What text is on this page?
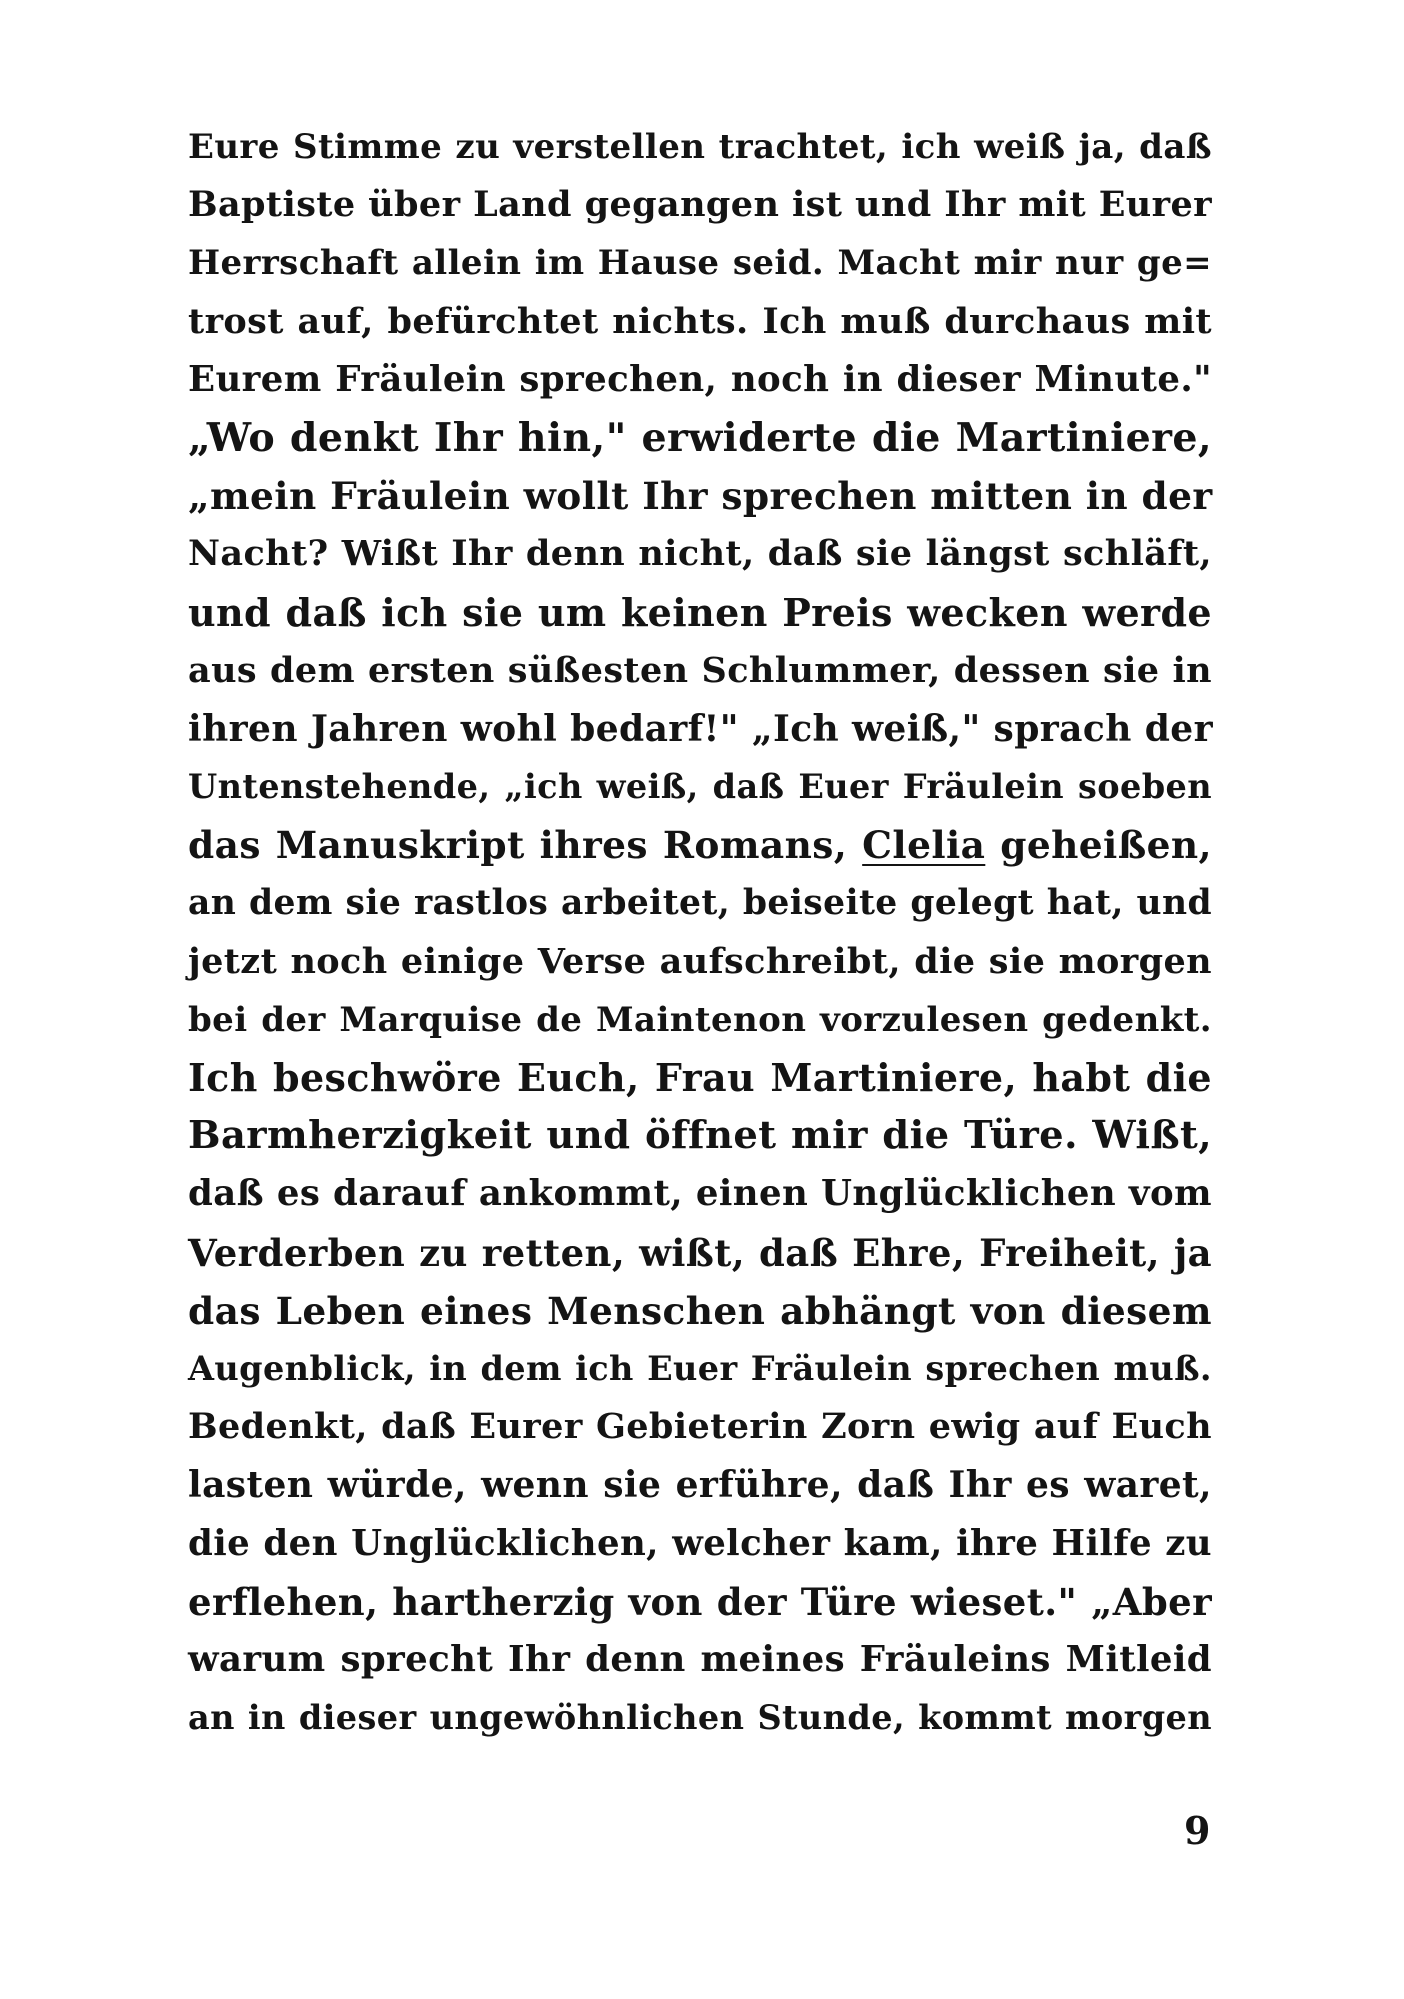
Eure Stimme zu verstellen trachtet, ich weiß ja, daß
Baptiste über Land gegangen ist und Ihr mit Eurer
Herrschaft allein im Hause seid. Macht mir nur ge=
trost auf, befürchtet nichts. Ich muß durchaus mit
Eurem Fräulein sprechen, noch in dieser Minute."
„Wo denkt Ihr hin," erwiderte die Martiniere,
„mein Fräulein wollt Ihr sprechen mitten in der
Nacht? Wißt Ihr denn nicht, daß sie längst schläft,
und daß ich sie um keinen Preis wecken werde
aus dem ersten süßesten Schlummer, dessen sie in
ihren Jahren wohl bedarf!" „Ich weiß," sprach der
Untenstehende, „ich weiß, daß Euer Fräulein soeben
das Manuskript ihres Romans, Clelia geheißen,
an dem sie rastlos arbeitet, beiseite gelegt hat, und
jetzt noch einige Verse aufschreibt, die sie morgen
bei der Marquise de Maintenon vorzulesen gedenkt.
Ich beschwöre Euch, Frau Martiniere, habt die
Barmherzigkeit und öffnet mir die Türe. Wißt,
daß es darauf ankommt, einen Unglücklichen vom
Verderben zu retten, wißt, daß Ehre, Freiheit, ja
das Leben eines Menschen abhängt von diesem
Augenblick, in dem ich Euer Fräulein sprechen muß.
Bedenkt, daß Eurer Gebieterin Zorn ewig auf Euch
lasten würde, wenn sie erführe, daß Ihr es waret,
die den Unglücklichen, welcher kam, ihre Hilfe zu
erflehen, hartherzig von der Türe wieset." „Aber
warum sprecht Ihr denn meines Fräuleins Mitleid
an in dieser ungewöhnlichen Stunde, kommt morgen
9
